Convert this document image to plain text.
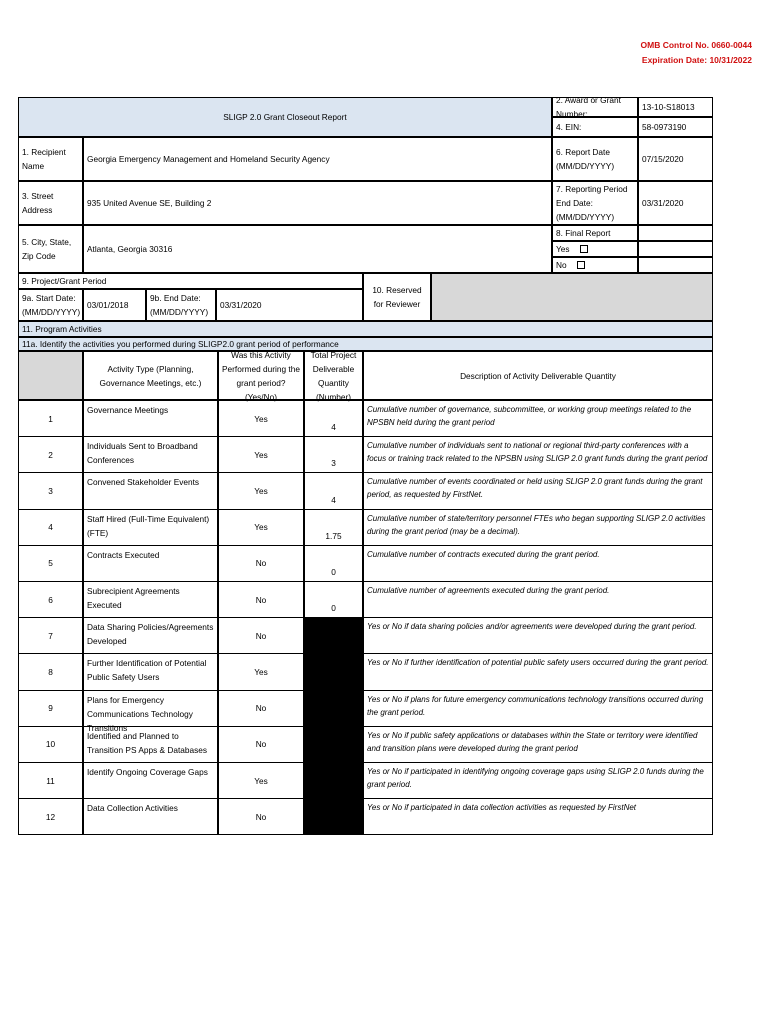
OMB Control No. 0660-0044
Expiration Date: 10/31/2022
SLIGP 2.0 Grant Closeout Report
2. Award or Grant Number:
13-10-S18013
4. EIN:	58-0973190
1. Recipient Name
Georgia Emergency Management and Homeland Security Agency
6. Report Date (MM/DD/YYYY)
07/15/2020
3. Street Address
935 United Avenue SE, Building 2
7. Reporting Period End Date: (MM/DD/YYYY)
03/31/2020
5. City, State, Zip Code
Atlanta, Georgia 30316
8. Final Report
Yes
No
9. Project/Grant Period
10. Reserved for Reviewer
9a. Start Date: (MM/DD/YYYY)
03/01/2018
9b. End Date: (MM/DD/YYYY)
03/31/2020
11. Program Activities
11a. Identify the activities you performed during SLIGP2.0 grant period of performance
Activity Type (Planning, Governance Meetings, etc.)
Was this Activity Performed during the grant period? (Yes/No)
Total Project Deliverable Quantity (Number)
Description of Activity Deliverable Quantity
1
Governance Meetings
Yes
4
Cumulative number of governance, subcommittee, or working group meetings related to the NPSBN held during the grant period
2
Individuals Sent to Broadband Conferences
Yes
3
Cumulative number of individuals sent to national or regional third-party conferences with a focus or training track related to the NPSBN using SLIGP 2.0 grant funds during the grant period
3
Convened Stakeholder Events
Yes
4
Cumulative number of events coordinated or held using SLIGP 2.0 grant funds during the grant period, as requested by FirstNet.
4
Staff Hired (Full-Time Equivalent)(FTE)
Yes
1.75
Cumulative number of state/territory personnel FTEs who began supporting SLIGP 2.0 activities during the grant period (may be a decimal).
5
Contracts Executed
No
0
Cumulative number of contracts executed during the grant period.
6
Subrecipient Agreements Executed
No
0
Cumulative number of agreements executed during the grant period.
7
Data Sharing Policies/Agreements Developed
No
Yes or No if data sharing policies and/or agreements were developed during the grant period.
8
Further Identification of Potential Public Safety Users
Yes
Yes or No if further identification of potential public safety users occurred during the grant period.
9
Plans for Emergency Communications Technology Transitions
No
Yes or No if plans for future emergency communications technology transitions occurred during the grant period.
10
Identified and Planned to Transition PS Apps & Databases
No
Yes or No if public safety applications or databases within the State or territory were identified and transition plans were developed during the grant period
11
Identify Ongoing Coverage Gaps
Yes
Yes or No if participated in identifying ongoing coverage gaps using SLIGP 2.0 funds during the grant period.
12
Data Collection Activities
No
Yes or No if participated in data collection activities as requested by FirstNet
